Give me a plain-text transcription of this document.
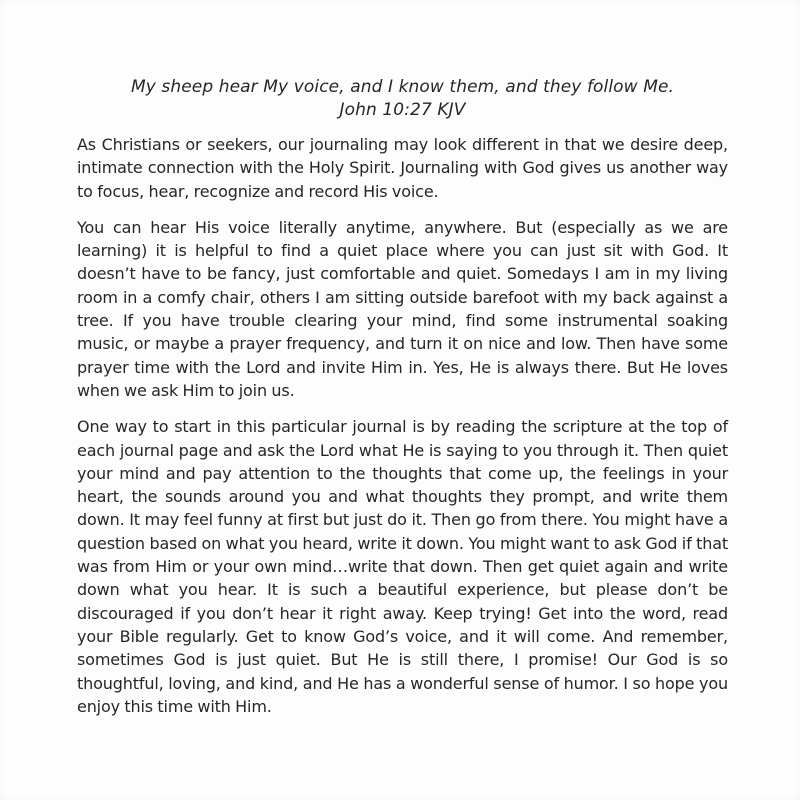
My sheep hear My voice, and I know them, and they follow Me.
John 10:27 KJV

As Christians or seekers, our journaling may look different in that we desire deep, intimate connection with the Holy Spirit. Journaling with God gives us another way to focus, hear, recognize and record His voice.

You can hear His voice literally anytime, anywhere. But (especially as we are learning) it is helpful to find a quiet place where you can just sit with God. It doesn’t have to be fancy, just comfortable and quiet. Somedays I am in my living room in a comfy chair, others I am sitting outside barefoot with my back against a tree. If you have trouble clearing your mind, find some instrumental soaking music, or maybe a prayer frequency, and turn it on nice and low. Then have some prayer time with the Lord and invite Him in. Yes, He is always there. But He loves when we ask Him to join us.

One way to start in this particular journal is by reading the scripture at the top of each journal page and ask the Lord what He is saying to you through it. Then quiet your mind and pay attention to the thoughts that come up, the feelings in your heart, the sounds around you and what thoughts they prompt, and write them down. It may feel funny at first but just do it. Then go from there. You might have a question based on what you heard, write it down. You might want to ask God if that was from Him or your own mind…write that down. Then get quiet again and write down what you hear. It is such a beautiful experience, but please don’t be discouraged if you don’t hear it right away. Keep trying! Get into the word, read your Bible regularly. Get to know God’s voice, and it will come. And remember, sometimes God is just quiet. But He is still there, I promise! Our God is so thoughtful, loving, and kind, and He has a wonderful sense of humor. I so hope you enjoy this time with Him.
